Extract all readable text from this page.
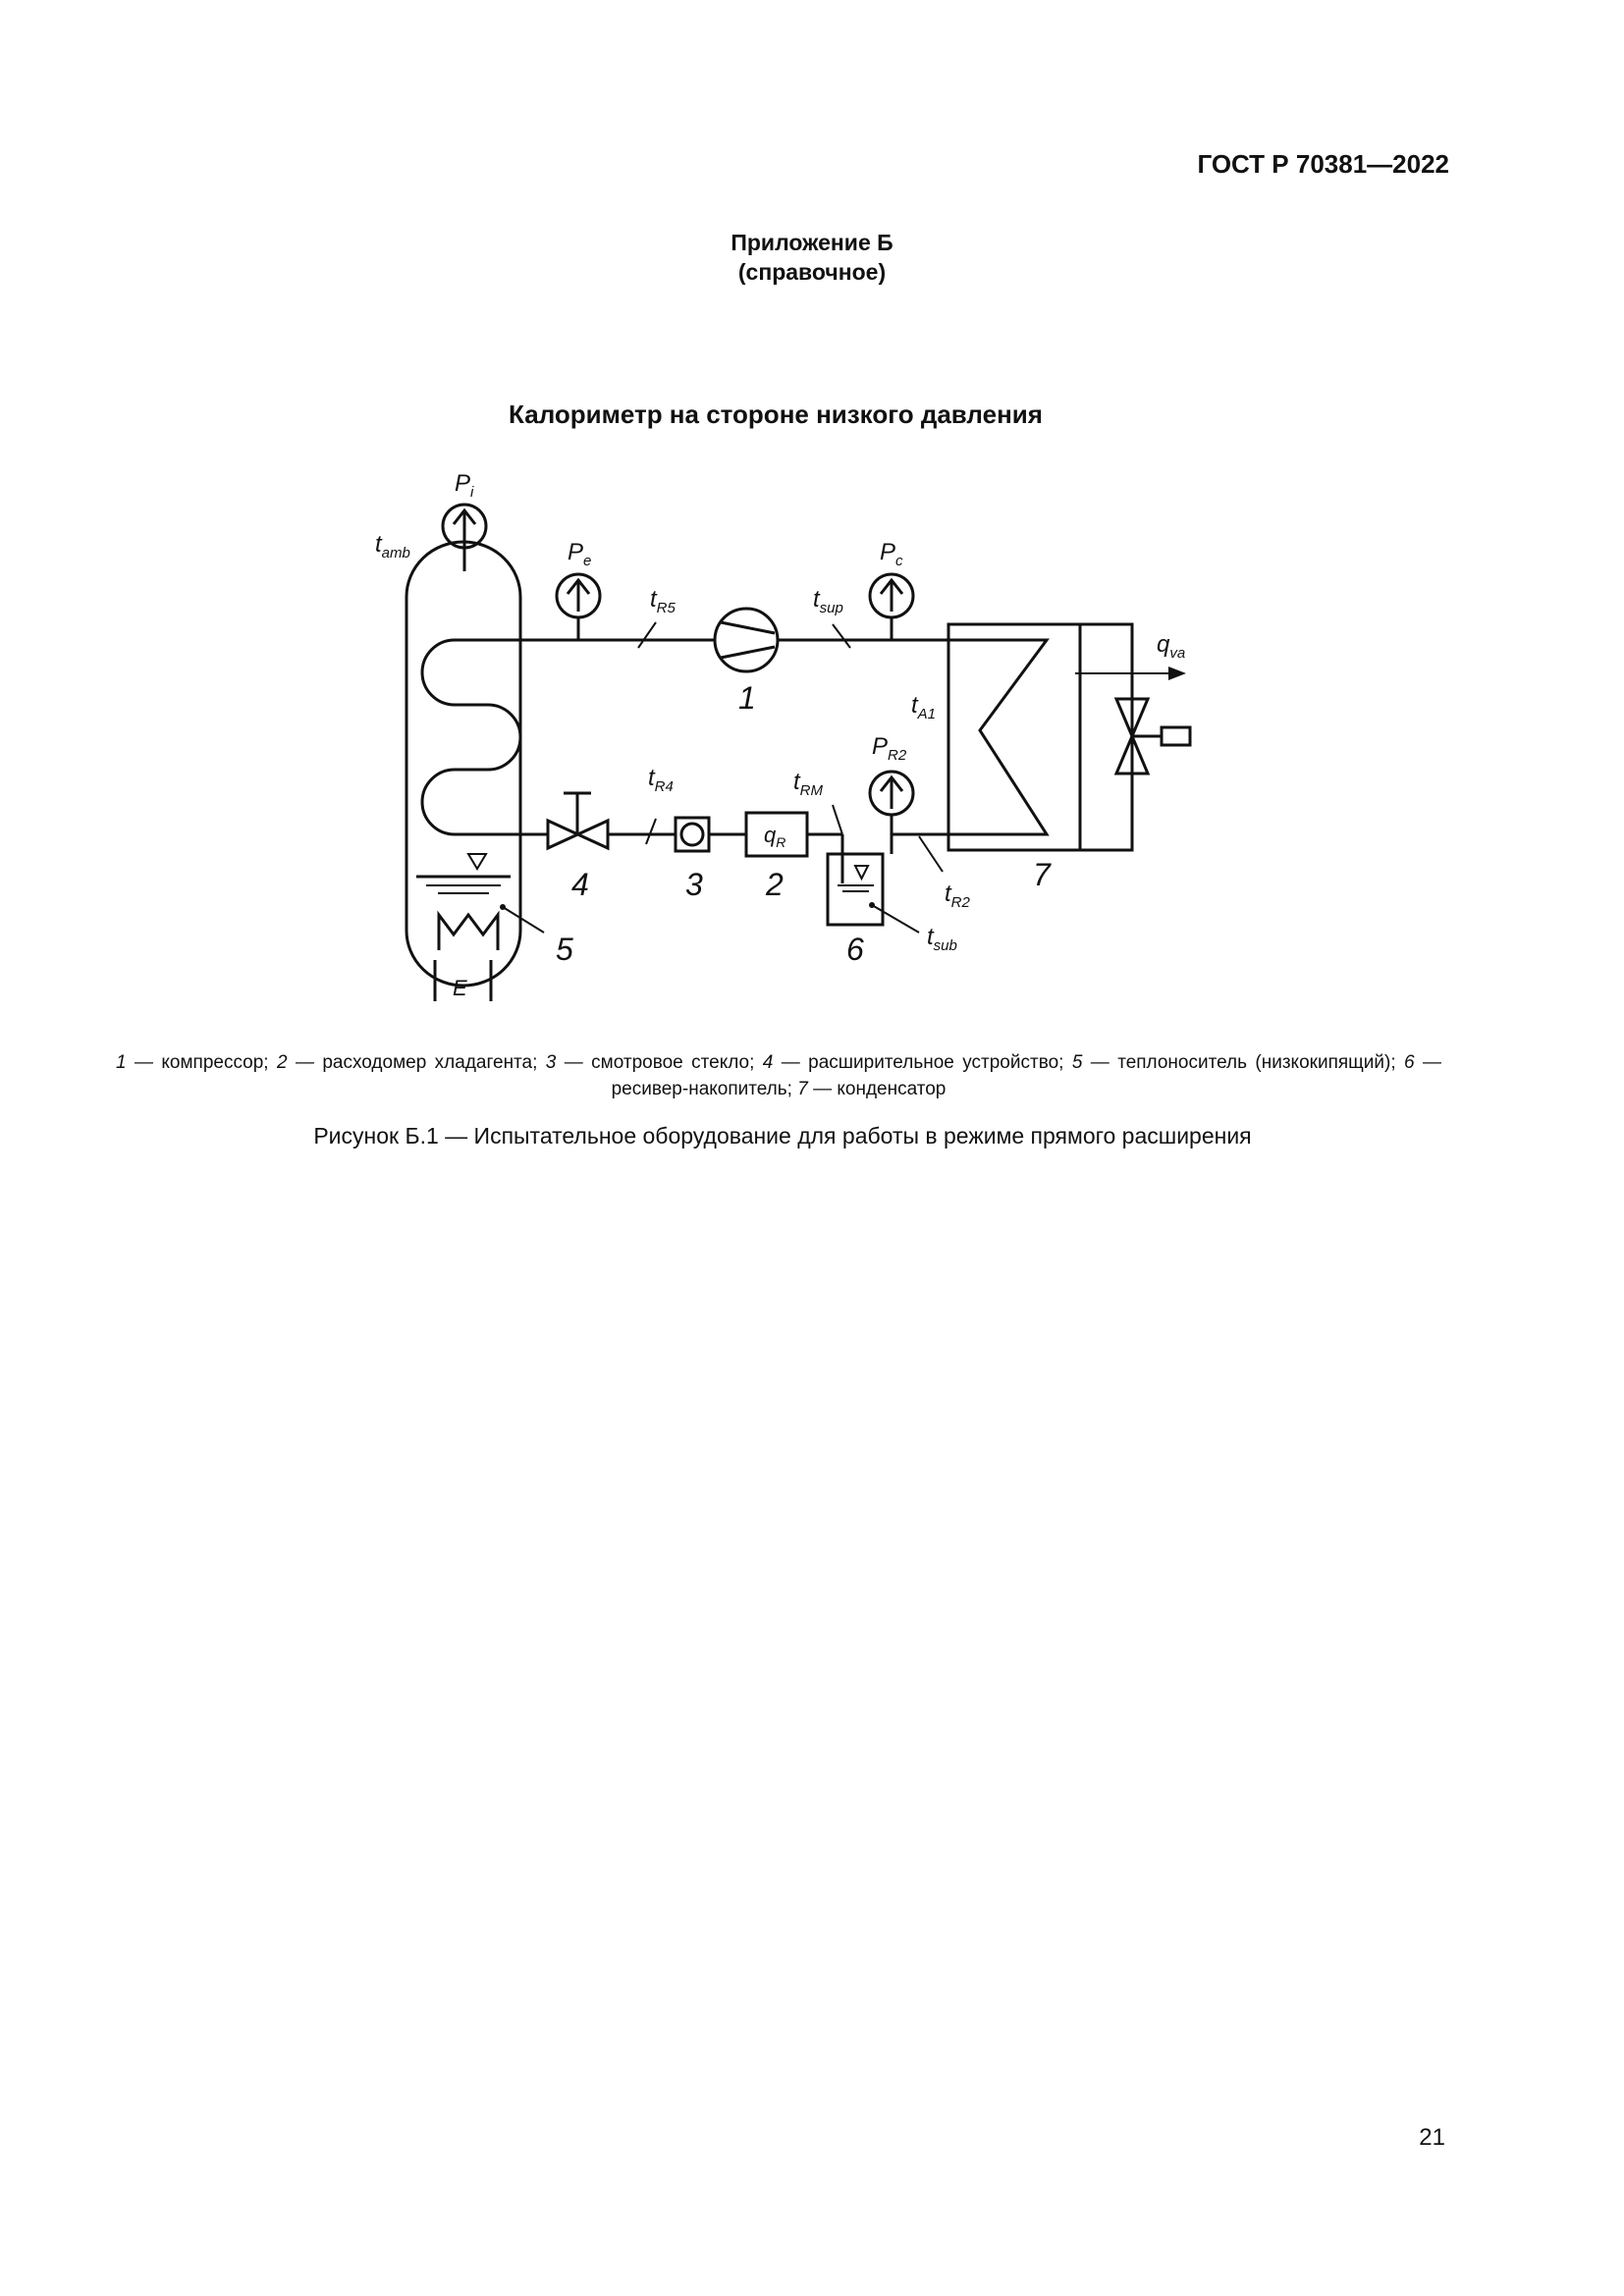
ГОСТ Р 70381—2022
Приложение Б
(справочное)
Калориметр на стороне низкого давления
$P_i$
$t_{amb}$	$P_e$
$t_{R5}$	$t_{sup}$
$P_c$
$q_{va}$
$t_{A1}$
$P_{R2}$
$t_{R4}$	$t_{RM}$
$q_R$
$t_{R2}$
$t_{sub}$
E
1
2
3
4
5	6
7
1 — компрессор; 2 — расходомер хладагента; 3 — смотровое стекло; 4 — расширительное устройство; 5 — теплоноситель (низкокипящий); 6 — ресивер-накопитель; 7 — конденсатор
Рисунок Б.1 — Испытательное оборудование для работы в режиме прямого расширения
21
